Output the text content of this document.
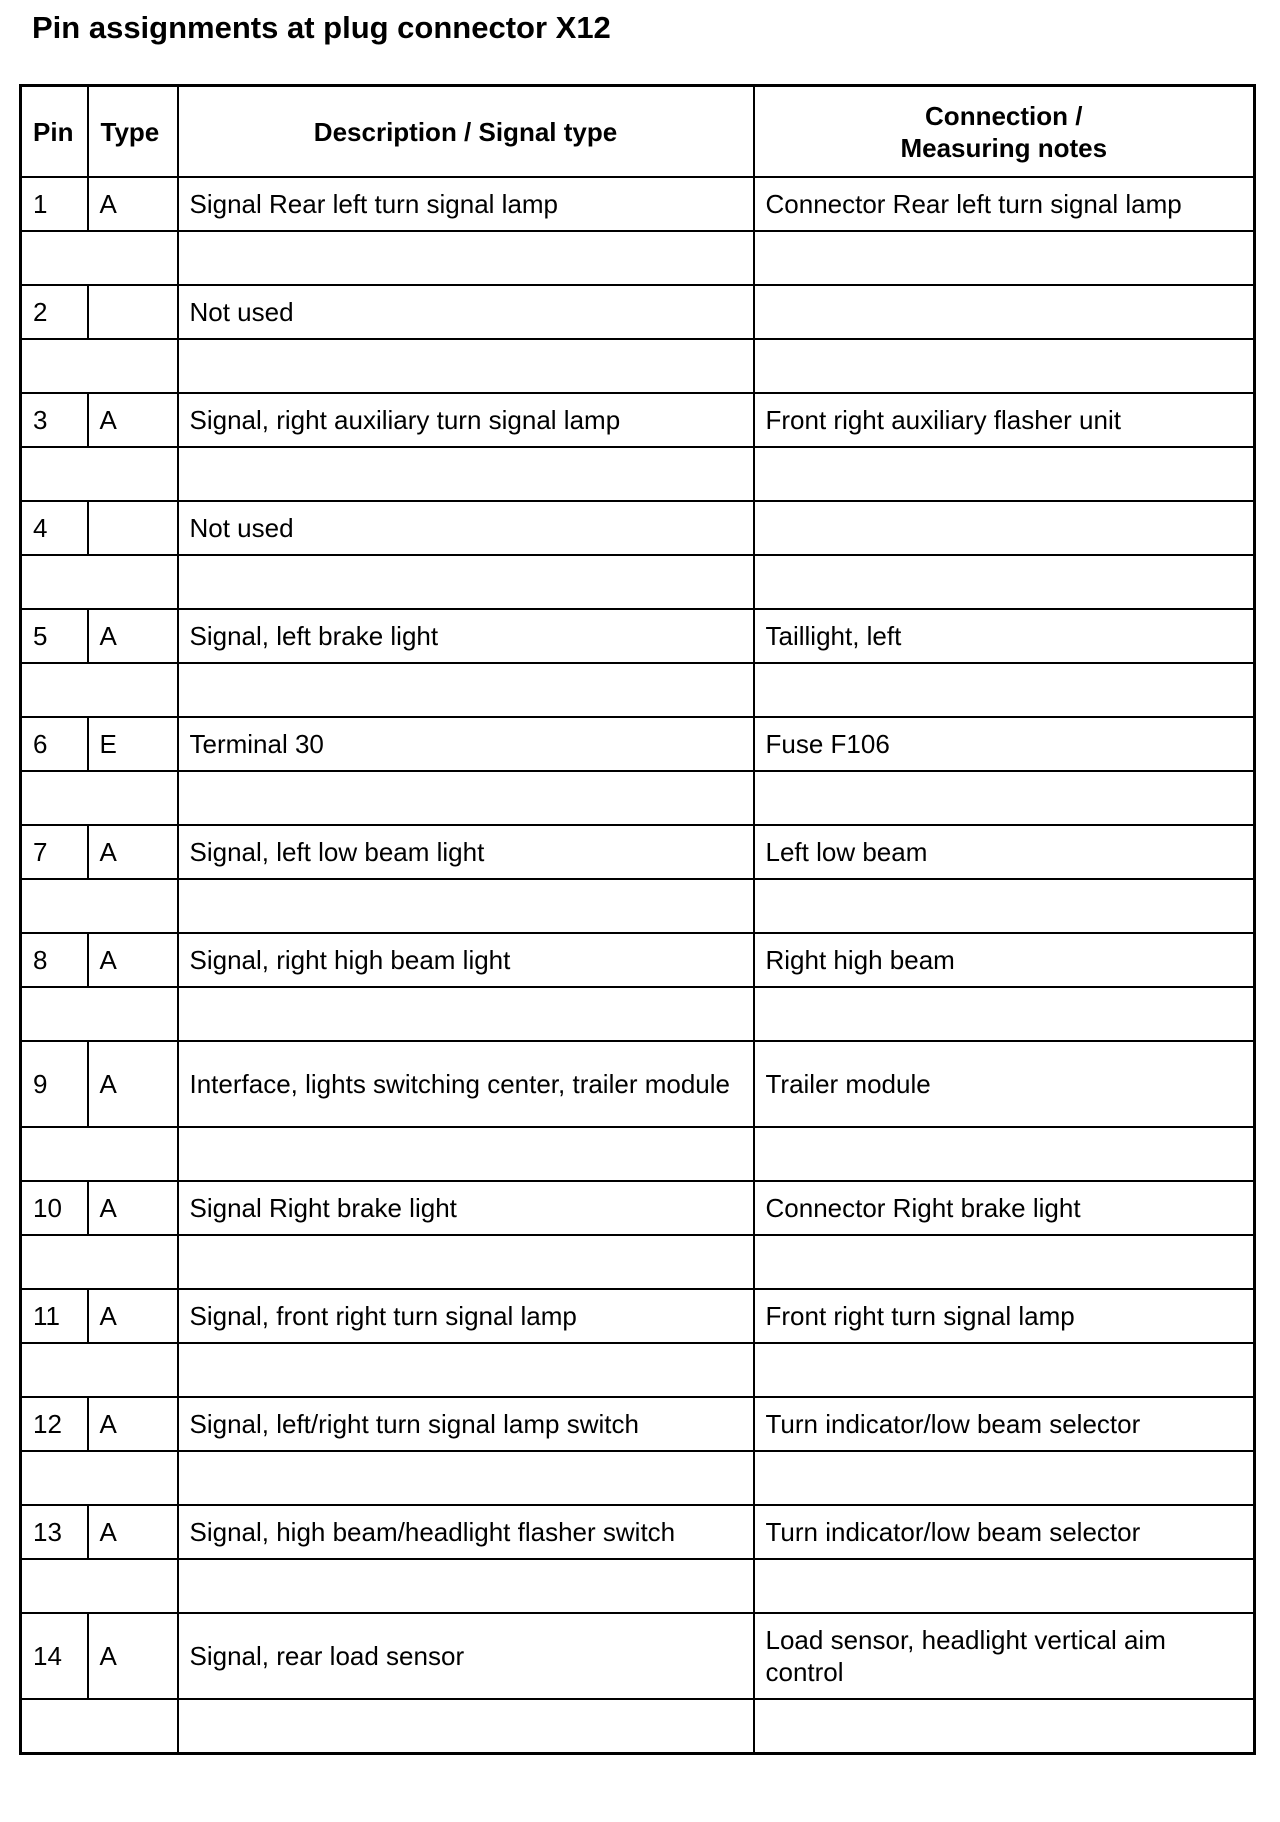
Pin assignments at plug connector X12
Pin	Type	Description / Signal type	Connection /
Measuring notes
1	A	Signal Rear left turn signal lamp	Connector Rear left turn signal lamp

2		Not used	

3	A	Signal, right auxiliary turn signal lamp	Front right auxiliary flasher unit

4		Not used	

5	A	Signal, left brake light	Taillight, left

6	E	Terminal 30	Fuse F106

7	A	Signal, left low beam light	Left low beam

8	A	Signal, right high beam light	Right high beam

9	A	Interface, lights switching center, trailer module	Trailer module

10	A	Signal Right brake light	Connector Right brake light

11	A	Signal, front right turn signal lamp	Front right turn signal lamp

12	A	Signal, left/right turn signal lamp switch	Turn indicator/low beam selector

13	A	Signal, high beam/headlight flasher switch	Turn indicator/low beam selector

14	A	Signal, rear load sensor	Load sensor, headlight vertical aim control
